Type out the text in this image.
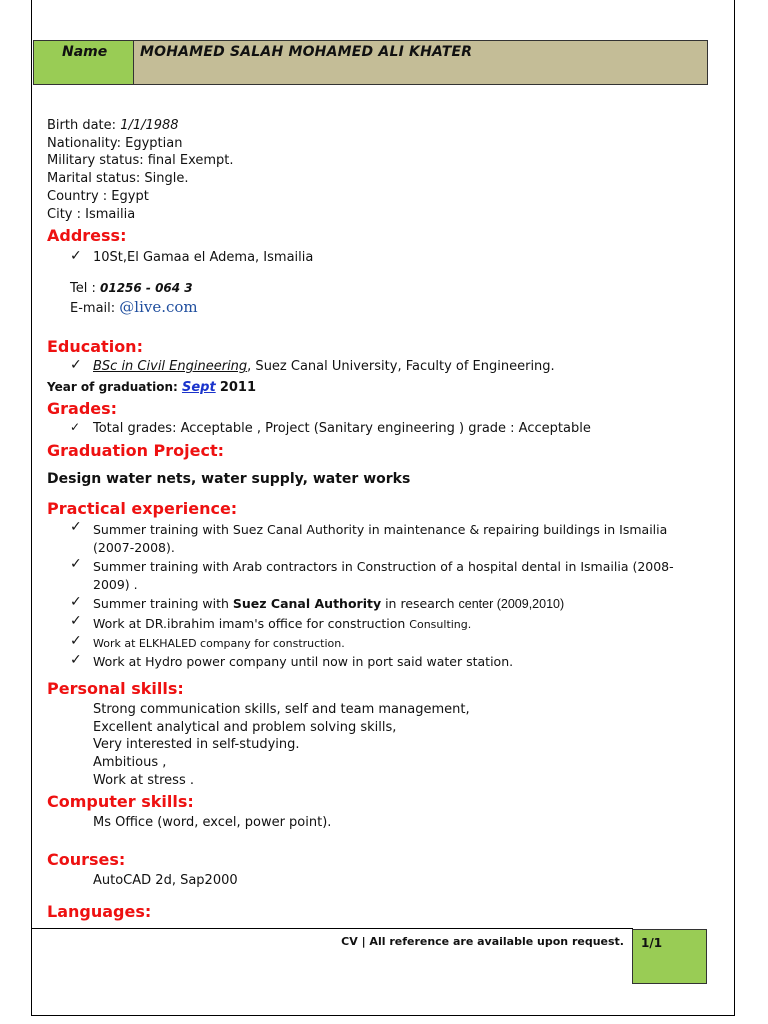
Name	MOHAMED SALAH MOHAMED ALI KHATER
Birth date: 1/1/1988
Nationality: Egyptian
Military status: final Exempt.
Marital status: Single.
Country : Egypt
City : Ismailia
Address:
✓ 10St,El Gamaa el Adema, Ismailia
Tel : 01256 - 064 3
E-mail: @live.com
Education:
✓ BSc in Civil Engineering, Suez Canal University, Faculty of Engineering.
Year of graduation: Sept 2011
Grades:
✓ Total grades: Acceptable , Project (Sanitary engineering ) grade : Acceptable
Graduation Project:
Design water nets, water supply, water works
Practical experience:
✓ Summer training with Suez Canal Authority in maintenance & repairing buildings in Ismailia
(2007-2008).
✓ Summer training with Arab contractors in Construction of a hospital dental in Ismailia (2008-
2009) .
✓ Summer training with Suez Canal Authority in research center (2009,2010)
✓ Work at DR.ibrahim imam's office for construction Consulting.
✓ Work at ELKHALED company for construction.
✓ Work at Hydro power company until now in port said water station.
Personal skills:
Strong communication skills, self and team management,
Excellent analytical and problem solving skills,
Very interested in self-studying.
Ambitious ,
Work at stress .
Computer skills:
Ms Office (word, excel, power point).
Courses:
AutoCAD 2d, Sap2000
Languages:
CV | All reference are available upon request.	1/1
